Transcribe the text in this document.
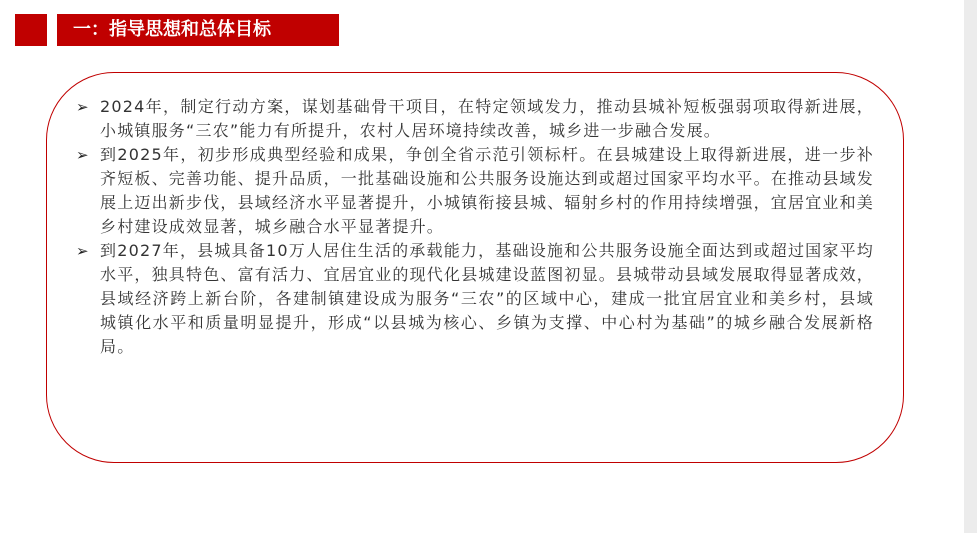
一：指导思想和总体目标
➢ 2024年，制定行动方案，谋划基础骨干项目，在特定领域发力，推动县城补短板强弱项取得新进展，小城镇服务“三农”能力有所提升，农村人居环境持续改善，城乡进一步融合发展。
➢ 到2025年，初步形成典型经验和成果，争创全省示范引领标杆。在县城建设上取得新进展，进一步补齐短板、完善功能、提升品质，一批基础设施和公共服务设施达到或超过国家平均水平。在推动县域发展上迈出新步伐，县域经济水平显著提升，小城镇衔接县城、辐射乡村的作用持续增强，宜居宜业和美乡村建设成效显著，城乡融合水平显著提升。
➢ 到2027年，县城具备10万人居住生活的承载能力，基础设施和公共服务设施全面达到或超过国家平均水平，独具特色、富有活力、宜居宜业的现代化县城建设蓝图初显。县城带动县域发展取得显著成效，县域经济跨上新台阶，各建制镇建设成为服务“三农”的区域中心，建成一批宜居宜业和美乡村，县域城镇化水平和质量明显提升，形成“以县城为核心、乡镇为支撑、中心村为基础”的城乡融合发展新格局。
